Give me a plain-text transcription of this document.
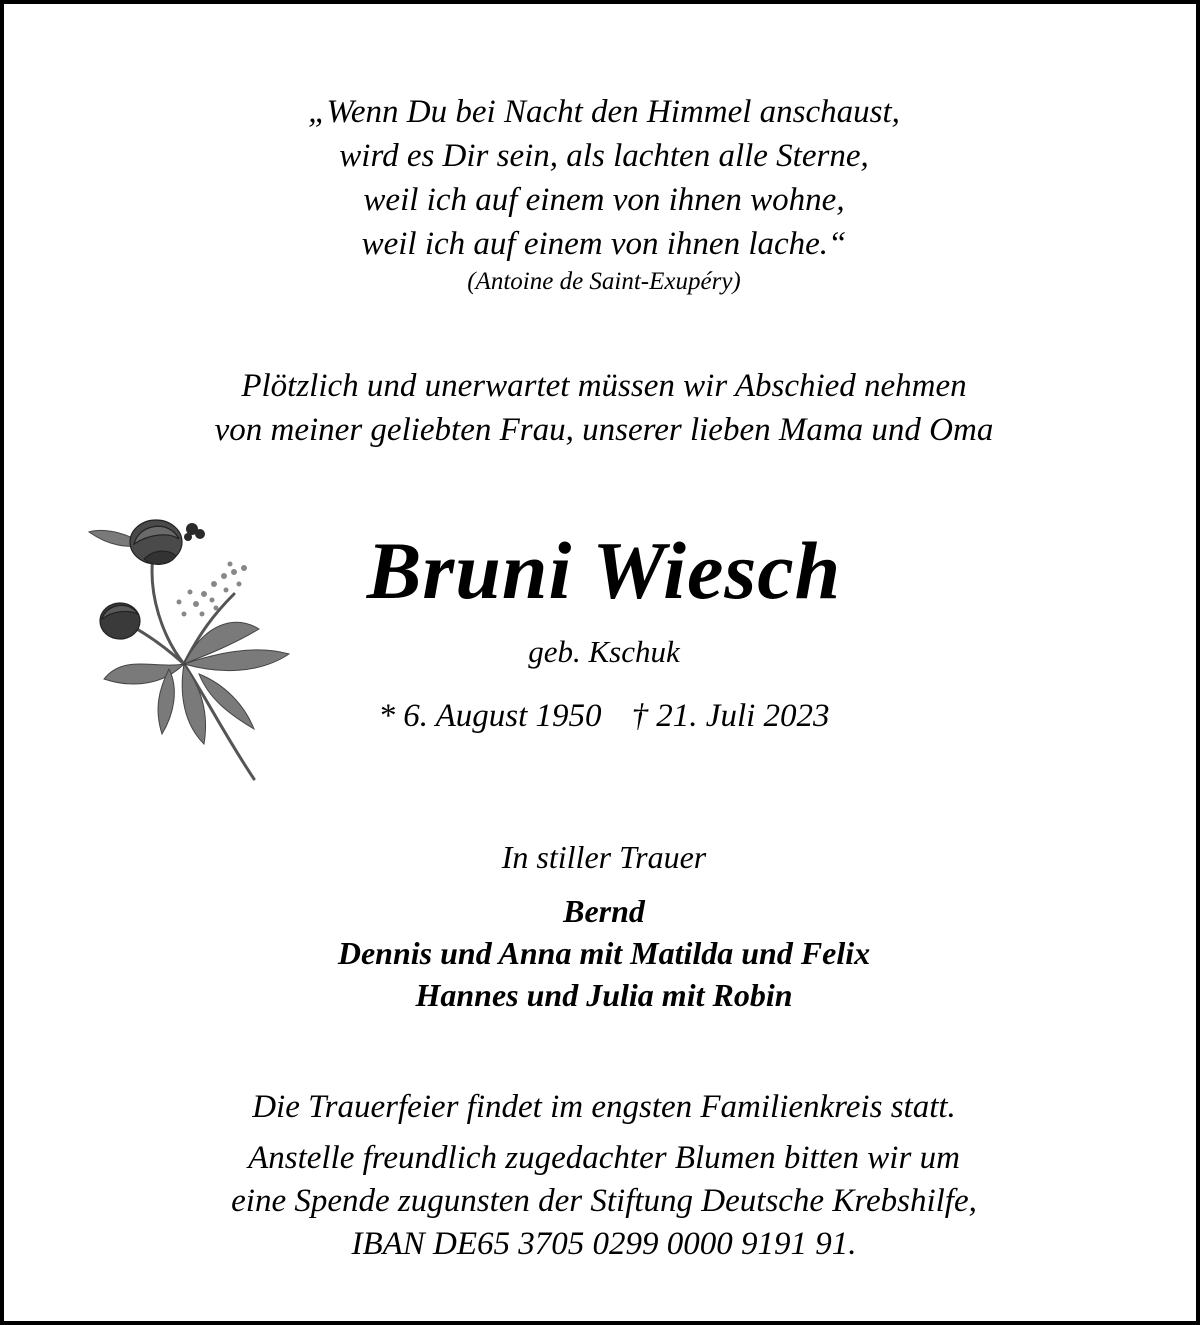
„Wenn Du bei Nacht den Himmel anschaust,
wird es Dir sein, als lachten alle Sterne,
weil ich auf einem von ihnen wohne,
weil ich auf einem von ihnen lache.“
(Antoine de Saint-Exupéry)
Plötzlich und unerwartet müssen wir Abschied nehmen
von meiner geliebten Frau, unserer lieben Mama und Oma
Bruni Wiesch
geb. Kschuk
* 6. August 1950 † 21. Juli 2023
In stiller Trauer
Bernd
Dennis und Anna mit Matilda und Felix
Hannes und Julia mit Robin
Die Trauerfeier findet im engsten Familienkreis statt.
Anstelle freundlich zugedachter Blumen bitten wir um
eine Spende zugunsten der Stiftung Deutsche Krebshilfe,
IBAN DE65 3705 0299 0000 9191 91.
